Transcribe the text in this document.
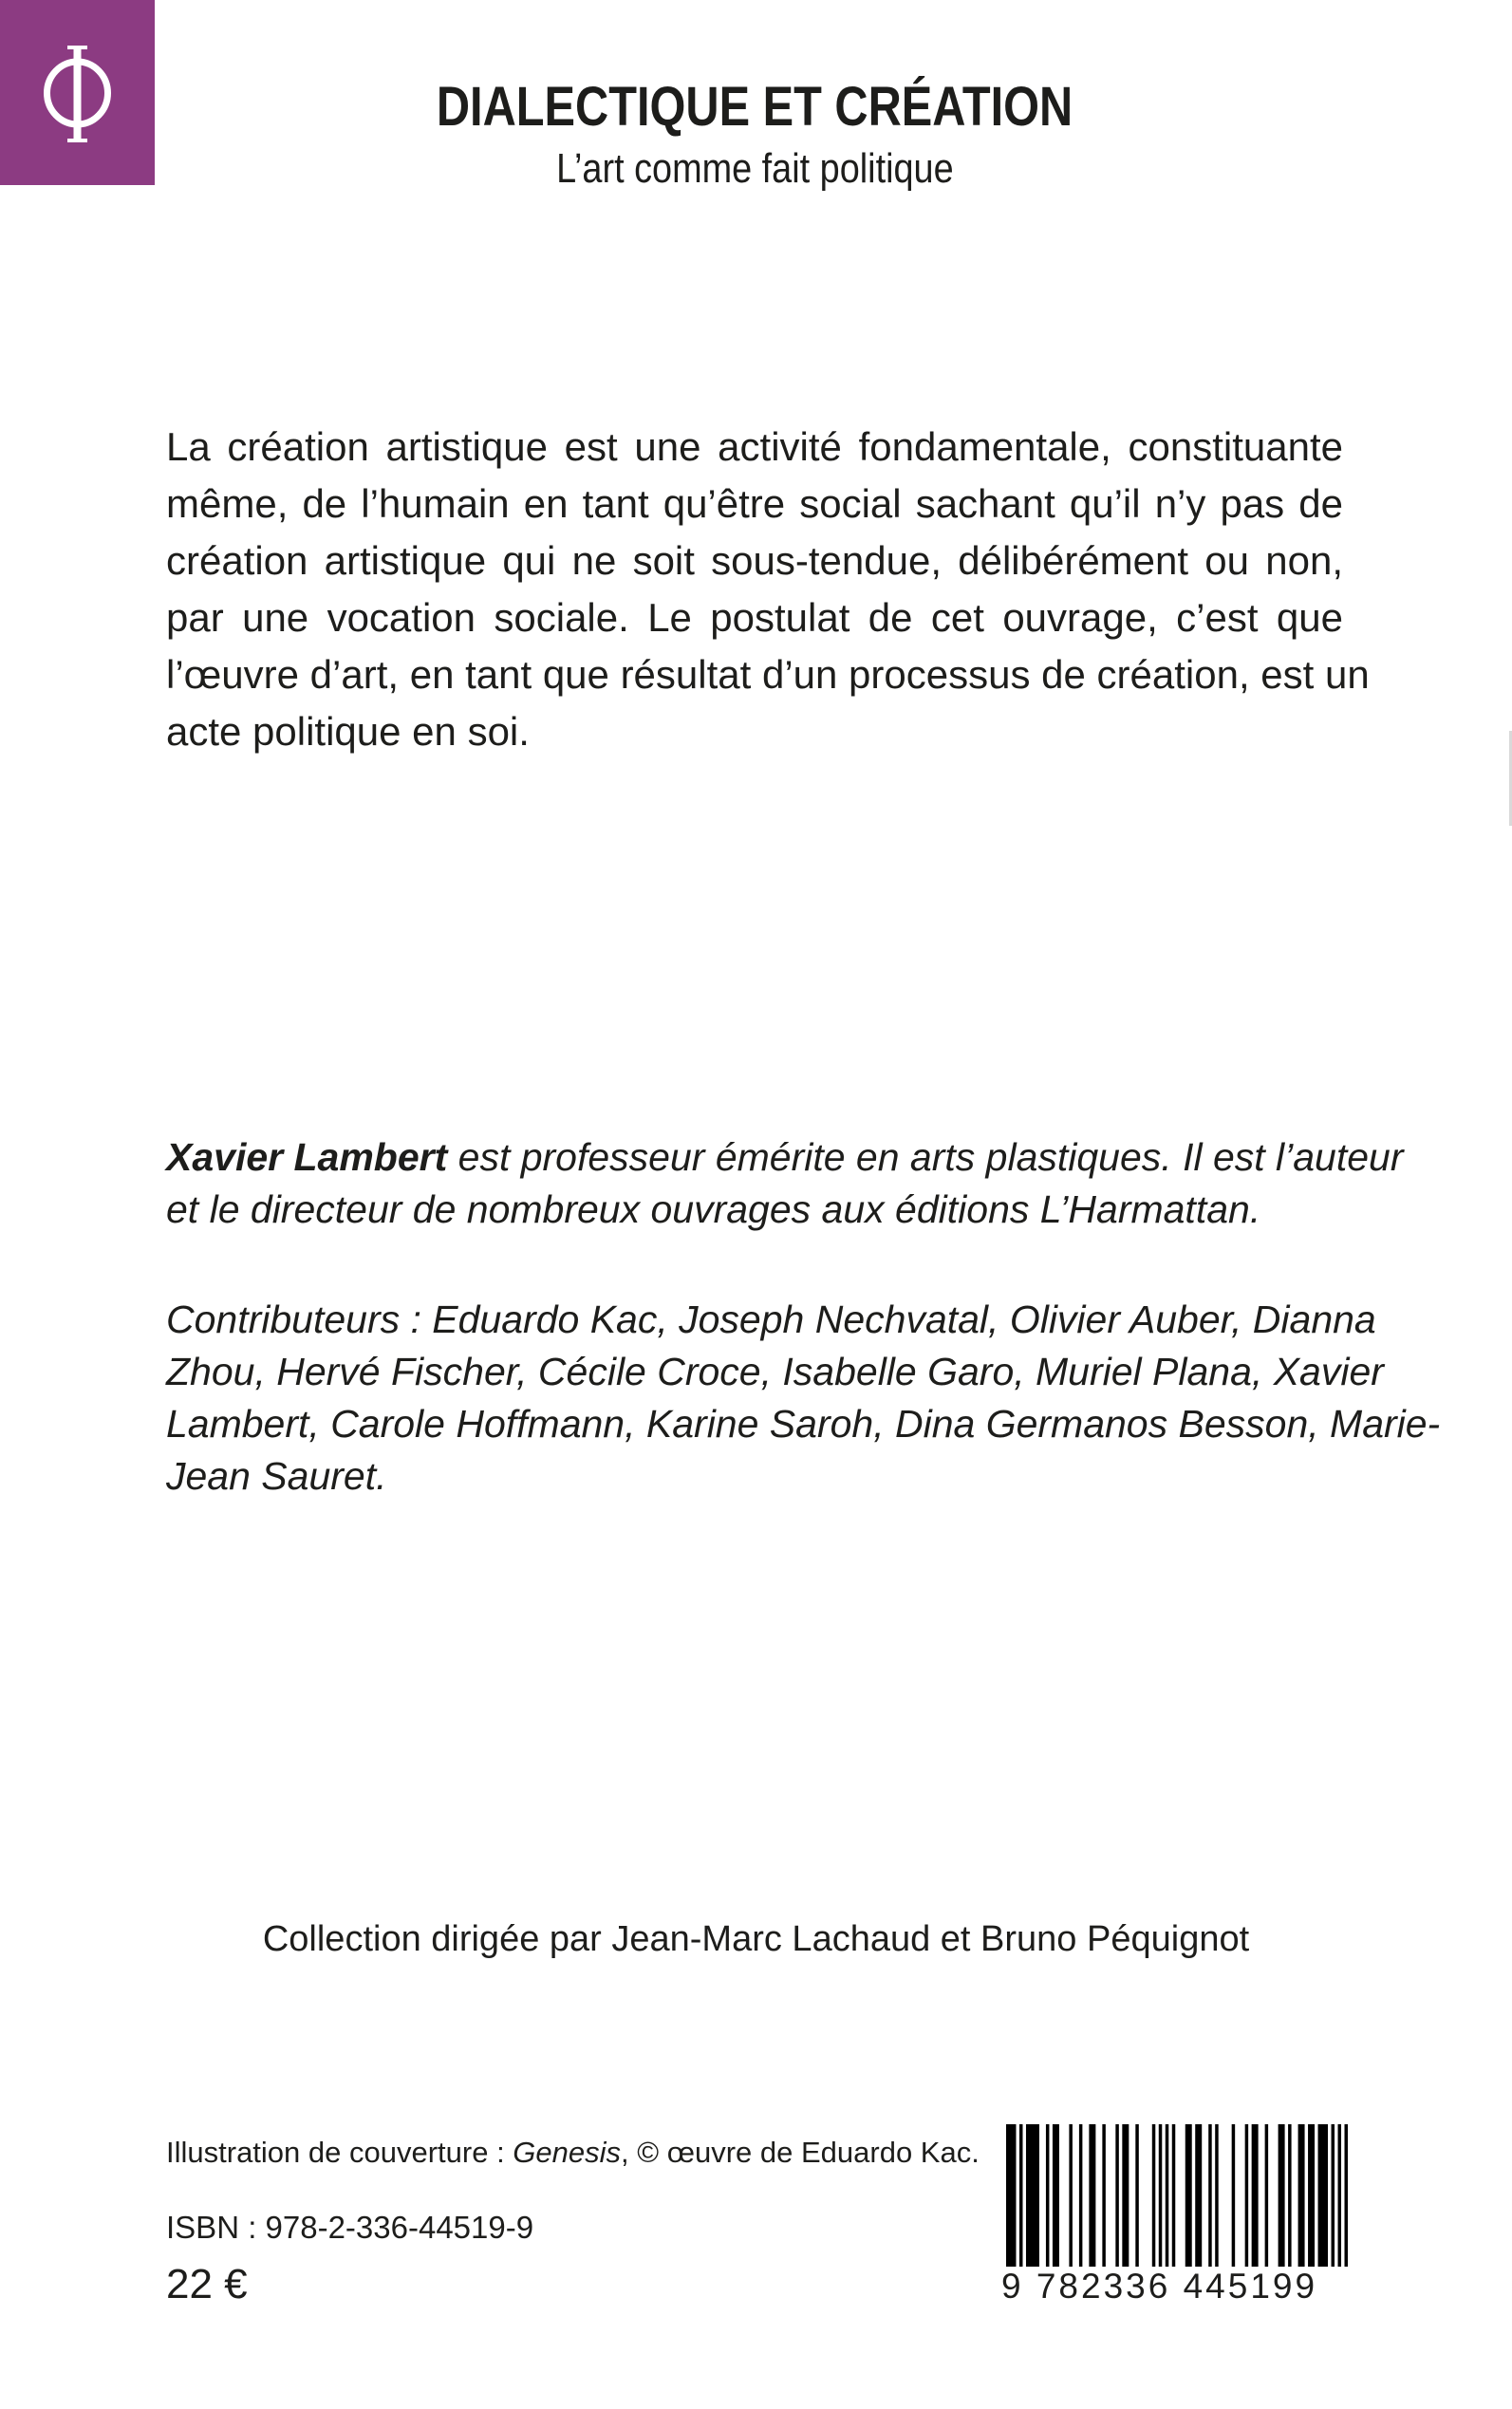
DIALECTIQUE ET CRÉATION
L’art comme fait politique
La création artistique est une activité fondamentale, constituante
même, de l’humain en tant qu’être social sachant qu’il n’y pas de
création artistique qui ne soit sous-tendue, délibérément ou non,
par une vocation sociale. Le postulat de cet ouvrage, c’est que
l’œuvre d’art, en tant que résultat d’un processus de création, est un
acte politique en soi.
Xavier Lambert est professeur émérite en arts plastiques. Il est l’auteur
et le directeur de nombreux ouvrages aux éditions L’Harmattan.
Contributeurs : Eduardo Kac, Joseph Nechvatal, Olivier Auber, Dianna
Zhou, Hervé Fischer, Cécile Croce, Isabelle Garo, Muriel Plana, Xavier
Lambert, Carole Hoffmann, Karine Saroh, Dina Germanos Besson, Marie-
Jean Sauret.
Collection dirigée par Jean-Marc Lachaud et Bruno Péquignot
Illustration de couverture : Genesis, © œuvre de Eduardo Kac.
ISBN : 978-2-336-44519-9
22 €	9 782336 445199
